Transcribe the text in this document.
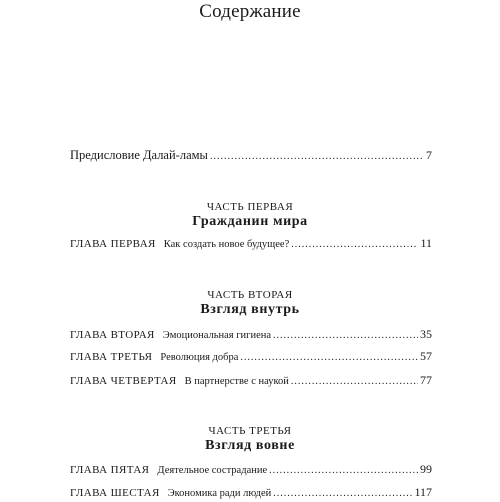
Содержание
Предисловие Далай-ламы .....	7
ЧАСТЬ ПЕРВАЯ
Гражданин мира
ГЛАВА ПЕРВАЯ Как создать новое будущее? .....	11
ЧАСТЬ ВТОРАЯ
Взгляд внутрь
ГЛАВА ВТОРАЯ Эмоциональная гигиена .....	35
ГЛАВА ТРЕТЬЯ Революция добра .....	57
ГЛАВА ЧЕТВЕРТАЯ В партнерстве с наукой .....	77
ЧАСТЬ ТРЕТЬЯ
Взгляд вовне
ГЛАВА ПЯТАЯ Деятельное сострадание .....	99
ГЛАВА ШЕСТАЯ Экономика ради людей .....	117
